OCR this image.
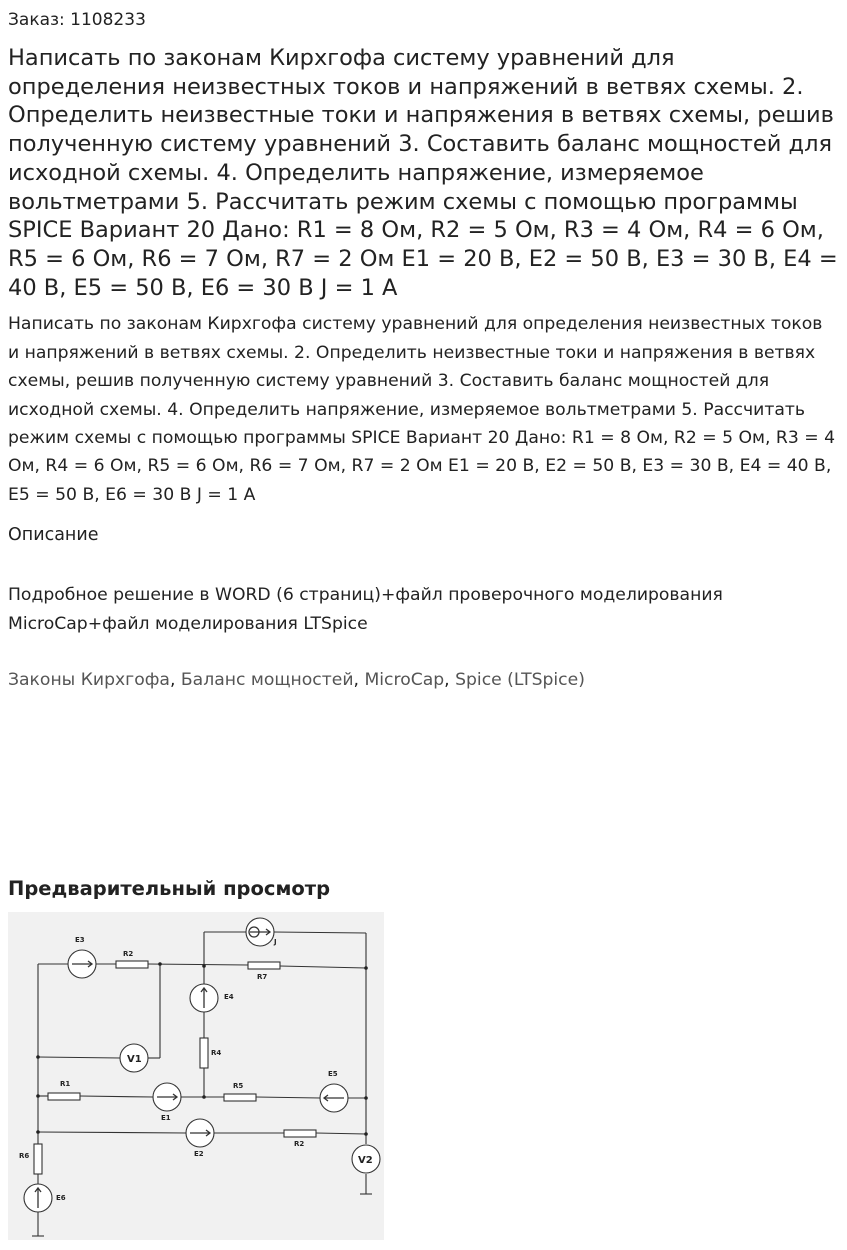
Заказ: 1108233
Написать по законам Кирхгофа систему уравнений для определения неизвестных токов и напряжений в ветвях схемы. 2. Определить неизвестные токи и напряжения в ветвях схемы, решив полученную систему уравнений 3. Составить баланс мощностей для исходной схемы. 4. Определить напряжение, измеряемое вольтметрами 5. Рассчитать режим схемы с помощью программы SPICE Вариант 20 Дано: R1 = 8 Ом, R2 = 5 Ом, R3 = 4 Ом, R4 = 6 Ом, R5 = 6 Ом, R6 = 7 Ом, R7 = 2 Ом E1 = 20 В, E2 = 50 В, E3 = 30 В, E4 = 40 В, E5 = 50 В, E6 = 30 В J = 1 А
Написать по законам Кирхгофа систему уравнений для определения неизвестных токов и напряжений в ветвях схемы. 2. Определить неизвестные токи и напряжения в ветвях схемы, решив полученную систему уравнений 3. Составить баланс мощностей для исходной схемы. 4. Определить напряжение, измеряемое вольтметрами 5. Рассчитать режим схемы с помощью программы SPICE Вариант 20 Дано: R1 = 8 Ом, R2 = 5 Ом, R3 = 4 Ом, R4 = 6 Ом, R5 = 6 Ом, R6 = 7 Ом, R7 = 2 Ом E1 = 20 В, E2 = 50 В, E3 = 30 В, E4 = 40 В, E5 = 50 В, E6 = 30 В J = 1 А
Описание
Подробное решение в WORD (6 страниц)+файл проверочного моделирования MicroCap+файл моделирования LTSpice
Законы Кирхгофа, Баланс мощностей, MicroCap, Spice (LTSpice)
Предварительный просмотр
E3
R2
J
R7
E4
V1
R4
R1
E1
R5
E5
E2
R2
R6
E6
V2
